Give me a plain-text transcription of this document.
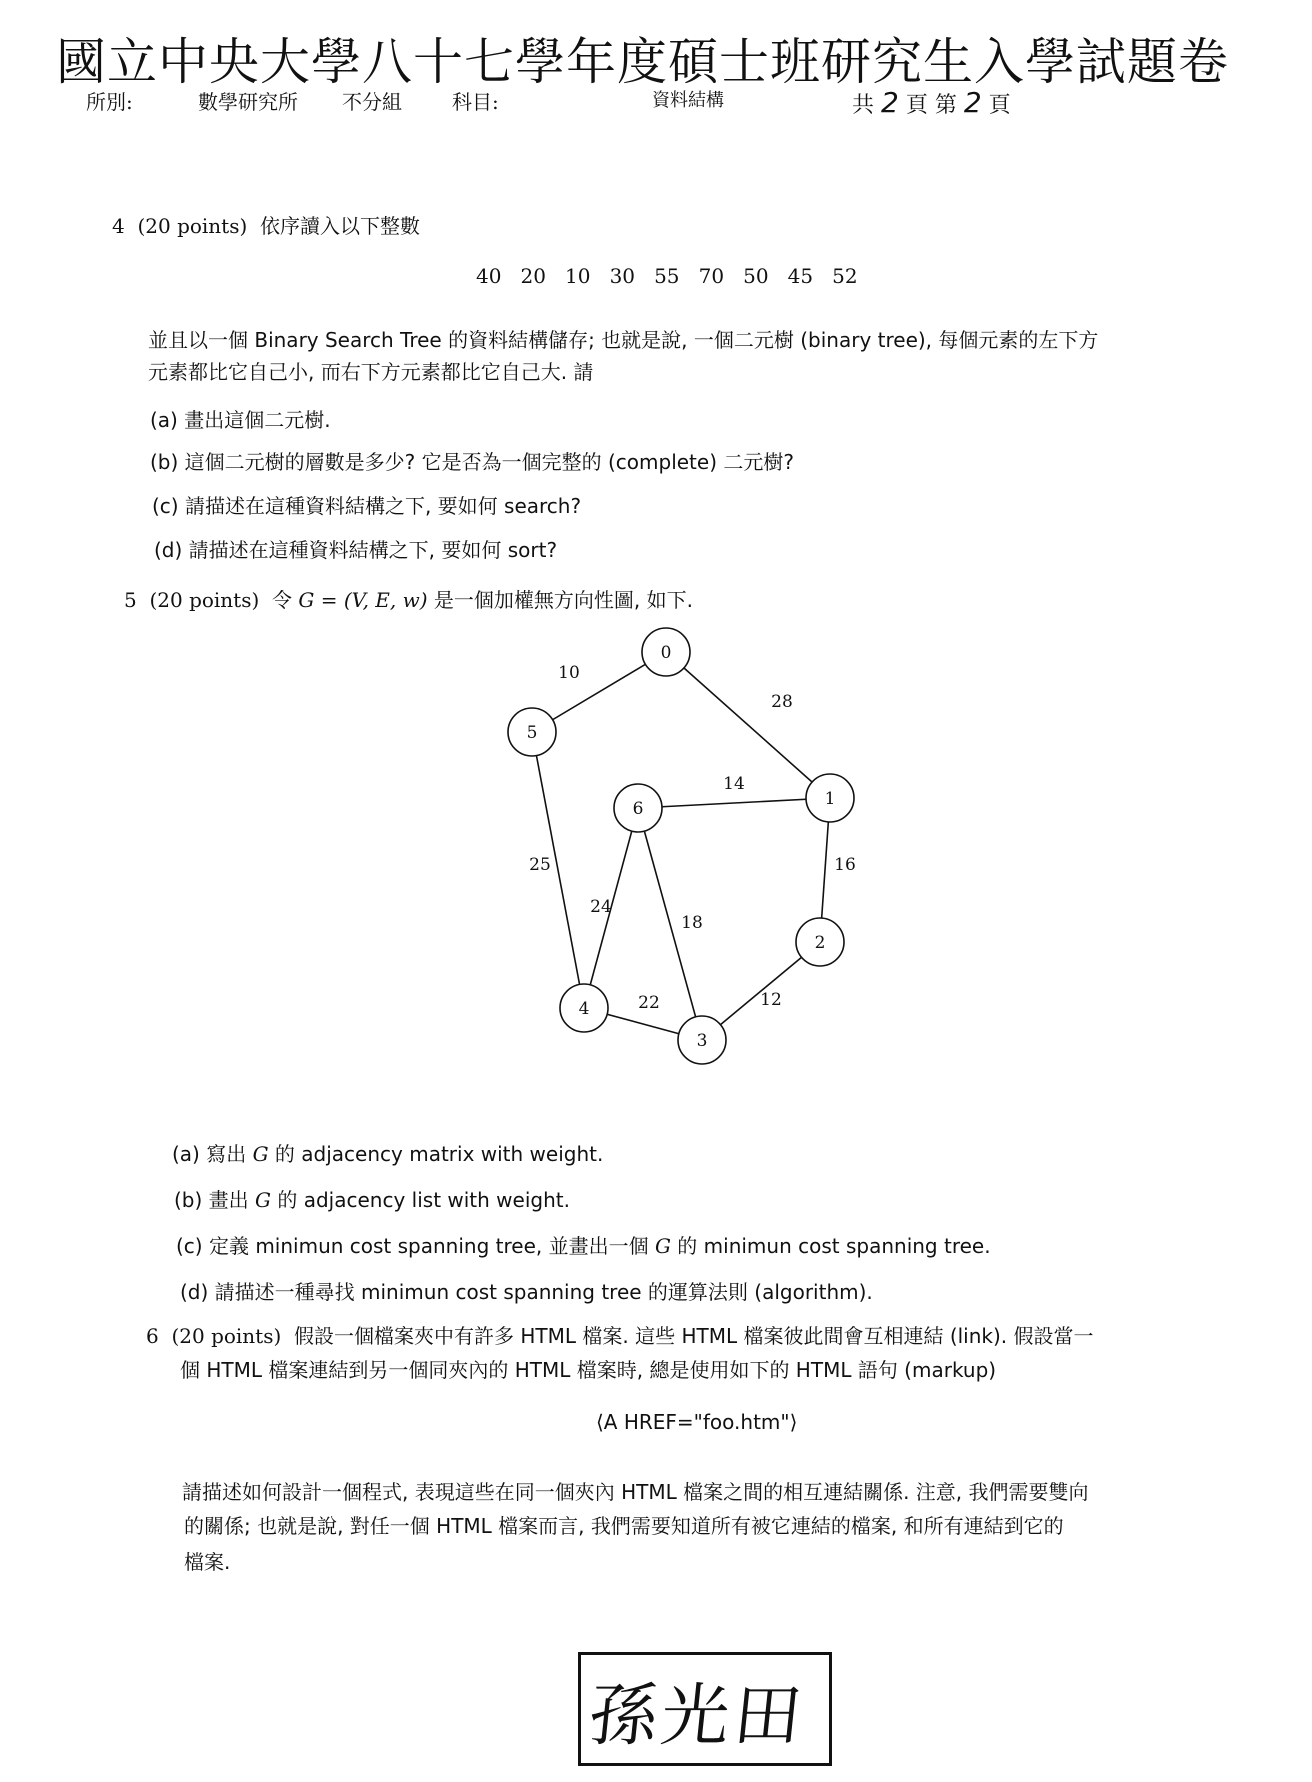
國立中央大學八十七學年度碩士班研究生入學試題卷
所別:	數學研究所 不分組	科目:	資料結構	共 2 頁 第 2 頁
4 (20 points) 依序讀入以下整數
40   20   10   30   55   70   50   45   52
並且以一個 Binary Search Tree 的資料結構儲存; 也就是說, 一個二元樹 (binary tree), 每個元素的左下方
元素都比它自己小, 而右下方元素都比它自己大. 請
(a) 畫出這個二元樹.
(b) 這個二元樹的層數是多少? 它是否為一個完整的 (complete) 二元樹?
(c) 請描述在這種資料結構之下, 要如何 search?
(d) 請描述在這種資料結構之下, 要如何 sort?
5 (20 points) 令 G = (V, E, w) 是一個加權無方向性圖, 如下.
10
28
14
25	16
24
18
22	12
0
1
2
3
4
5
6
(a) 寫出 G 的 adjacency matrix with weight.
(b) 畫出 G 的 adjacency list with weight.
(c) 定義 minimun cost spanning tree, 並畫出一個 G 的 minimun cost spanning tree.
(d) 請描述一種尋找 minimun cost spanning tree 的運算法則 (algorithm).
6 (20 points) 假設一個檔案夾中有許多 HTML 檔案. 這些 HTML 檔案彼此間會互相連結 (link). 假設當一
個 HTML 檔案連結到另一個同夾內的 HTML 檔案時, 總是使用如下的 HTML 語句 (markup)
⟨A HREF="foo.htm"⟩
請描述如何設計一個程式, 表現這些在同一個夾內 HTML 檔案之間的相互連結關係. 注意, 我們需要雙向
的關係; 也就是說, 對任一個 HTML 檔案而言, 我們需要知道所有被它連結的檔案, 和所有連結到它的
檔案.
孫光田
